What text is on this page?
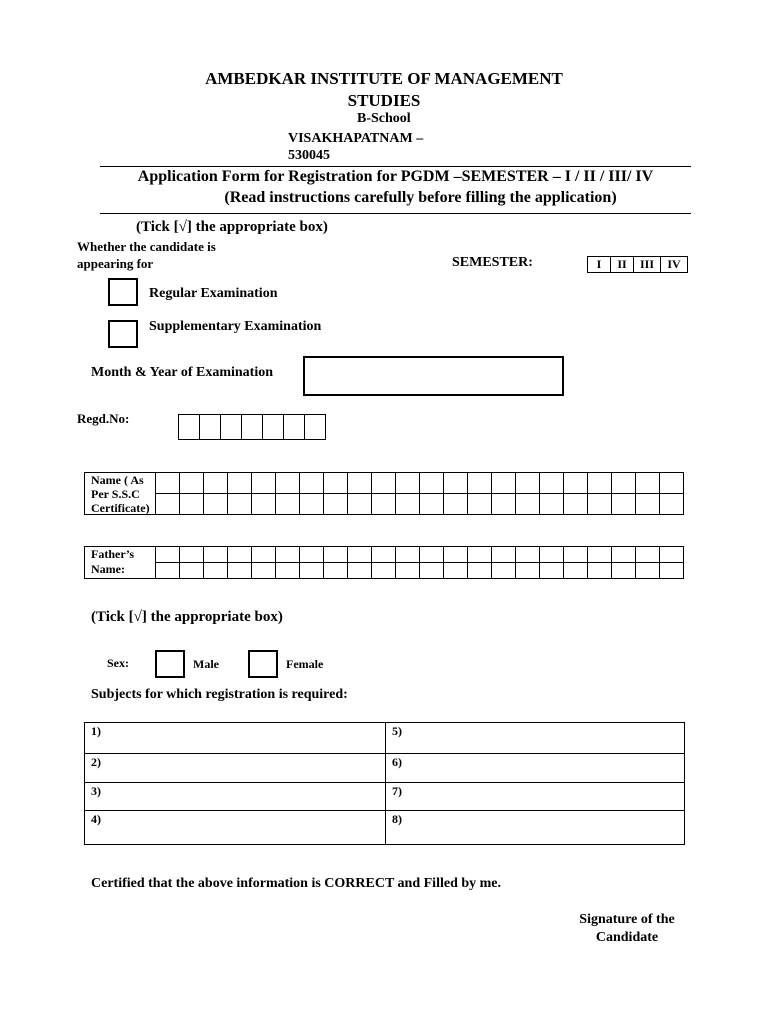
AMBEDKAR INSTITUTE OF MANAGEMENT
STUDIES
B-School
VISAKHAPATNAM –
530045
Application Form for Registration for PGDM –SEMESTER – I / II / III/ IV
(Read instructions carefully before filling the application)
(Tick [√] the appropriate box)
Whether the candidate is
appearing for	SEMESTER:	I	II	III	IV
Regular Examination
Supplementary Examination
Month & Year of Examination
Regd.No:

Name ( As
Per S.S.C
Certificate)

Father’s
Name:

(Tick [√] the appropriate box)
Sex:	Male	Female
Subjects for which registration is required:
1)	5)
2)	6)
3)	7)
4)	8)
Certified that the above information is CORRECT and Filled by me.
Signature of the
Candidate
